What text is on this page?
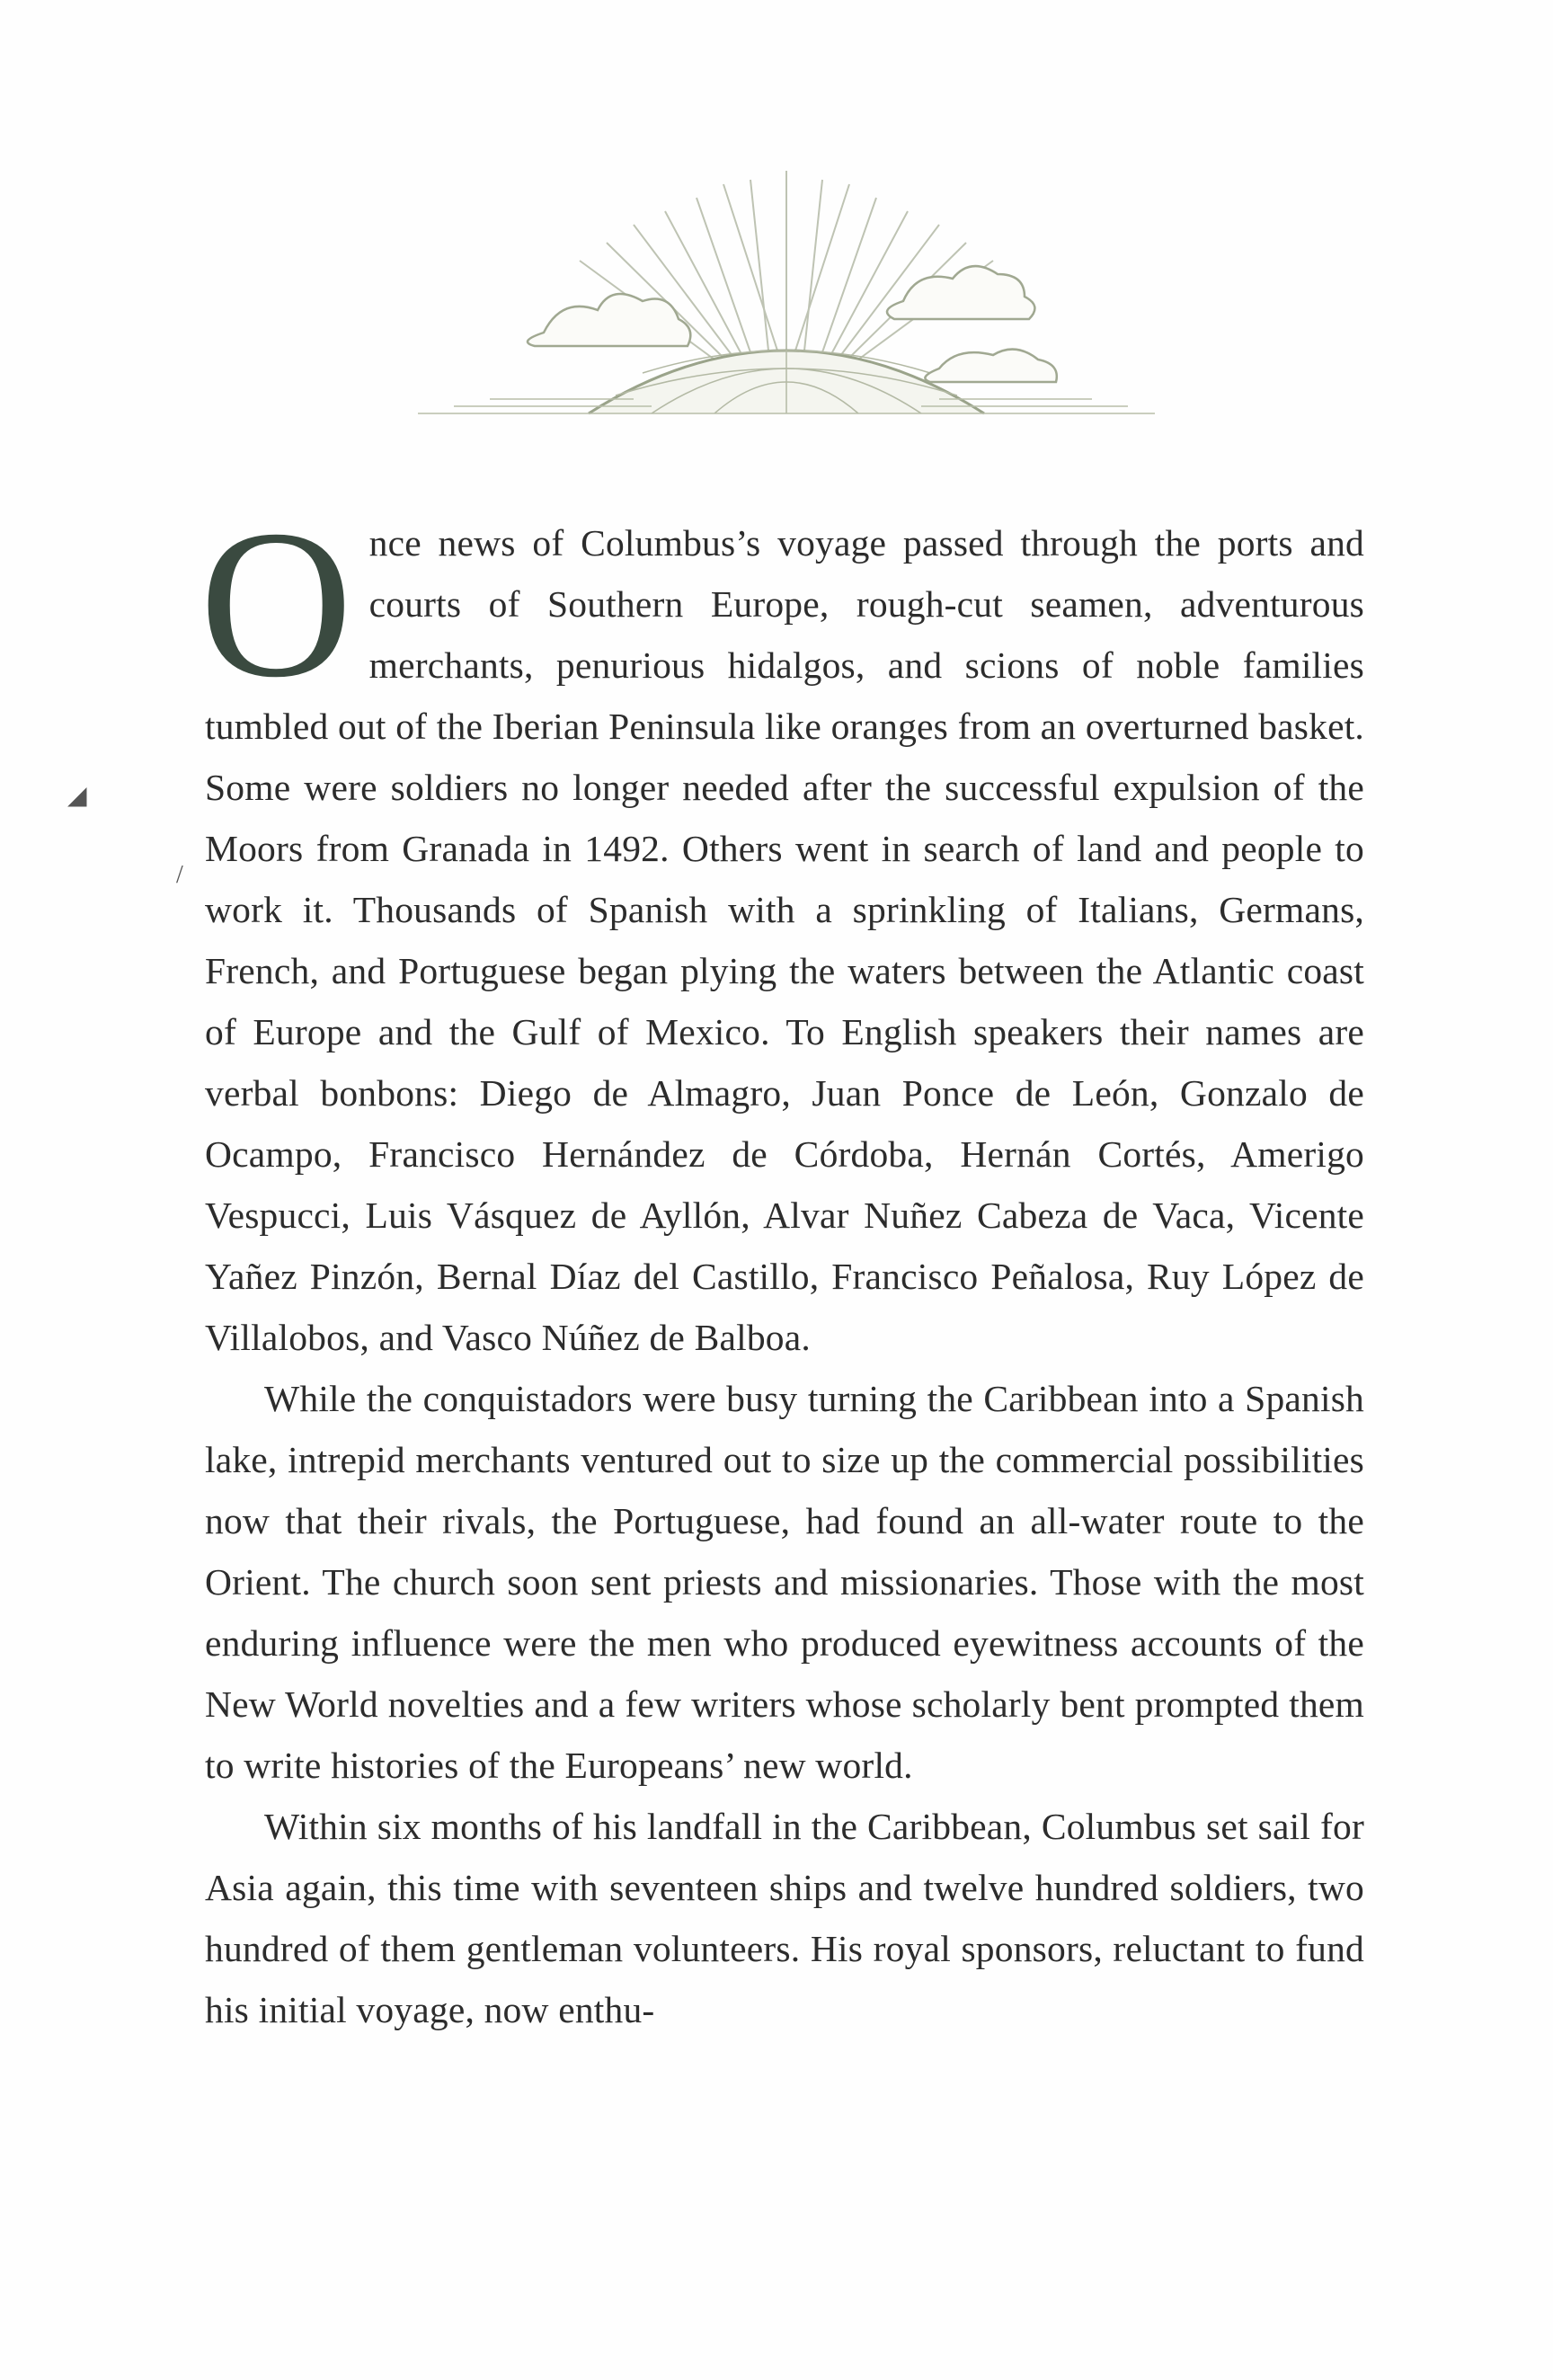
Once news of Columbus’s voyage passed through the ports and courts of Southern Europe, rough-cut seamen, adventurous merchants, penurious hidalgos, and scions of noble families tumbled out of the Iberian Peninsula like oranges from an overturned basket. Some were soldiers no longer needed after the successful expulsion of the Moors from Granada in 1492. Others went in search of land and people to work it. Thousands of Spanish with a sprinkling of Italians, Germans, French, and Portuguese began plying the waters between the Atlantic coast of Europe and the Gulf of Mexico. To English speakers their names are verbal bonbons: Diego de Almagro, Juan Ponce de León, Gonzalo de Ocampo, Francisco Hernández de Córdoba, Hernán Cortés, Amerigo Vespucci, Luis Vásquez de Ayllón, Alvar Nuñez Cabeza de Vaca, Vicente Yañez Pinzón, Bernal Díaz del Castillo, Francisco Peñalosa, Ruy López de Villalobos, and Vasco Núñez de Balboa.

While the conquistadors were busy turning the Caribbean into a Spanish lake, intrepid merchants ventured out to size up the commercial possibilities now that their rivals, the Portuguese, had found an all-water route to the Orient. The church soon sent priests and missionaries. Those with the most enduring influence were the men who produced eyewitness accounts of the New World novelties and a few writers whose scholarly bent prompted them to write histories of the Europeans’ new world.

Within six months of his landfall in the Caribbean, Columbus set sail for Asia again, this time with seventeen ships and twelve hundred soldiers, two hundred of them gentleman volunteers. His royal sponsors, reluctant to fund his initial voyage, now enthu-

◢
/
